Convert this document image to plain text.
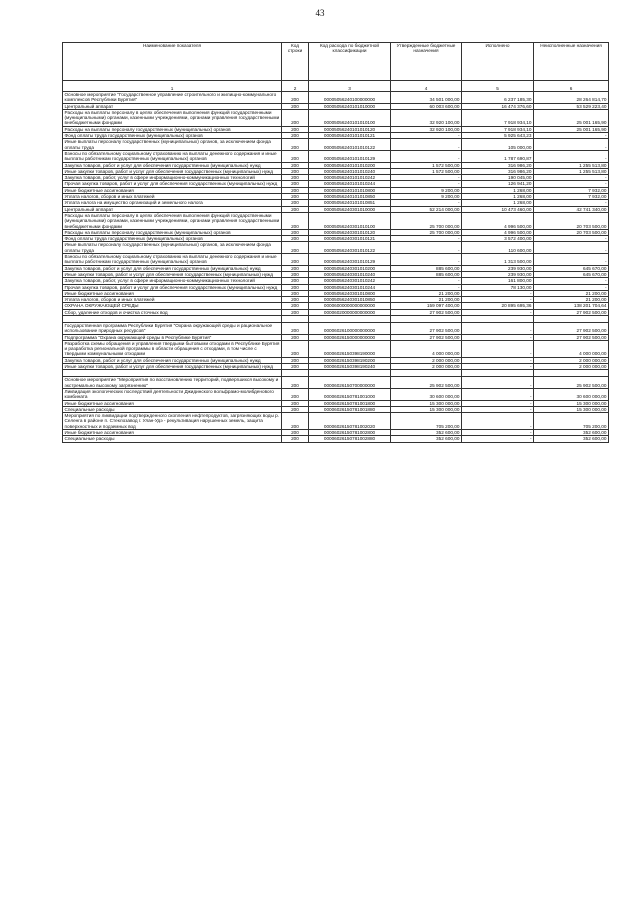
43
Наименование показателя	Код строки	Код расхода по бюджетной классификации	Утвержденные бюджетные назначения	Исполнено	Неисполненные назначения
1	2	3	4	5	6
Основное мероприятие "Государственное управление строительного и жилищно-коммунального комплексов Республики Бурятия"	200	00005056240100000000	34 501 000,00	6 237 185,30	28 264 814,70
Центральный аппарат	200	00005056240101010000	60 003 600,00	16 474 376,60	53 529 223,40
Расходы на выплаты персоналу в целях обеспечения выполнения функций государственными (муниципальными) органами, казенными учреждениями, органами управления государственными внебюджетными фондами	200	00005056240101010100	32 920 100,00	7 918 934,10	25 001 165,90
Расходы на выплаты персоналу государственных (муниципальных) органов	200	00005056240101010120	32 920 100,00	7 918 934,10	25 001 165,90
Фонд оплаты труда государственных (муниципальных) органов	200	00005056240101010121	-	5 925 643,23	-
Иные выплаты персоналу государственных (муниципальных) органов, за исключением фонда оплаты труда	200	00005056240101010122	-	105 000,00	-
Взносы по обязательному социальному страхованию на выплаты денежного содержания и иные выплаты работникам государственных (муниципальных) органов	200	00005056240101010129	-	1 787 690,87	-
Закупка товаров, работ и услуг для обеспечения государственных (муниципальных) нужд	200	00005056240101010200	1 572 500,00	316 986,20	1 255 513,80
Иные закупки товаров, работ и услуг для обеспечения государственных (муниципальных) нужд	200	00005056240101010240	1 572 500,00	316 986,20	1 255 513,80
Закупка товаров, работ, услуг в сфере информационно-коммуникационных технологий	200	00005056240101010242	-	190 045,00	-
Прочая закупка товаров, работ и услуг для обеспечения государственных (муниципальных) нужд	200	00005056240101010244	-	126 941,20	-
Иные бюджетные ассигнования	200	00005056240101010800	9 200,00	1 268,00	7 932,00
Уплата налогов, сборов и иных платежей	200	00005056240101010850	9 200,00	1 268,00	7 932,00
Уплата налога на имущество организаций и земельного налога	200	00005056240101010851	-	1 268,00	-
Центральный аппарат	200	00005056240301010000	52 214 000,00	10 473 460,00	42 741 340,00
Расходы на выплаты персоналу в целях обеспечения выполнения функций государственными (муниципальными) органами, казенными учреждениями, органами управления государственными внебюджетными фондами	200	00005056240301010100	25 700 000,00	4 996 500,00	20 703 500,00
Расходы на выплаты персоналу государственных (муниципальных) органов	200	00005056240301010120	25 700 000,00	4 996 500,00	20 703 500,00
Фонд оплаты труда государственных (муниципальных) органов	200	00005056240301010121	-	3 572 400,00	-
Иные выплаты персоналу государственных (муниципальных) органов, за исключением фонда оплаты труда	200	00005056240301010122	-	110 600,00	-
Взносы по обязательному социальному страхованию на выплаты денежного содержания и иные выплаты работникам государственных (муниципальных) органов	200	00005056240301010129	-	1 313 500,00	-
Закупка товаров, работ и услуг для обеспечения государственных (муниципальных) нужд	200	00005056240301010200	885 600,00	239 930,00	645 670,00
Иные закупки товаров, работ и услуг для обеспечения государственных (муниципальных) нужд	200	00005056240301010240	885 600,00	239 930,00	645 670,00
Закупка товаров, работ, услуг в сфере информационно-коммуникационных технологий	200	00005056240301010242	-	161 800,00	-
Прочая закупка товаров, работ и услуг для обеспечения государственных (муниципальных) нужд	200	00005056240301010244	-	78 130,00	-
Иные бюджетные ассигнования	200	00005056240301010800	21 200,00	-	21 200,00
Уплата налогов, сборов и иных платежей	200	00005056240301010850	21 200,00	-	21 200,00
ОХРАНА ОКРУЖАЮЩЕЙ СРЕДЫ	200	00006000000000000000	159 097 400,00	20 895 695,36	138 201 704,64
Сбор, удаление отходов и очистка сточных вод	200	00006020000000000000	27 902 500,00	-	27 902 500,00

Государственная программа Республики Бурятия "Охрана окружающей среды и рациональное использование природных ресурсов"	200	00006026100000000000	27 902 500,00	-	27 902 500,00
Подпрограмма "Охрана окружающей среды в Республике Бурятия"	200	00006026150000000000	27 902 500,00	-	27 902 500,00
Разработка схемы обращения и управления твердыми бытовыми отходами в Республике Бурятия и разработка региональной программы в области обращения с отходами, в том числе с твердыми коммунальными отходами	200	00006026150398190000	4 000 000,00	-	4 000 000,00
Закупка товаров, работ и услуг для обеспечения государственных (муниципальных) нужд	200	00006026150398190200	2 000 000,00	-	2 000 000,00
Иные закупки товаров, работ и услуг для обеспечения государственных (муниципальных) нужд	200	00006026150398190240	2 000 000,00	-	2 000 000,00

Основное мероприятие "Мероприятия по восстановлению территорий, подвергшихся высокому и экстремально высокому загрязнению"	200	00006026150700000000	25 902 500,00	-	25 902 500,00
Ликвидация экологических последствий деятельности Джидинского вольфрамо-молибденового комбината	200	00006026150781001000	30 600 000,00	-	30 600 000,00
Иные бюджетные ассигнования	200	00006026150781001800	15 300 000,00	-	15 300 000,00
Специальные расходы	200	00006026150781001880	15 300 000,00	-	15 300 000,00
Мероприятия по ликвидации подтвержденного скопления нефтепродуктов, загрязняющих воды р. Селенга в районе п. Стеклозавод г. Улан-Удэ - рекультивация нарушенных земель, защита поверхностных и подземных вод	200	00006026150781002020	705 200,00	-	705 200,00
Иные бюджетные ассигнования	200	00006026150781002800	352 600,00	-	352 600,00
Специальные расходы	200	00006026150781002880	352 600,00	-	352 600,00
